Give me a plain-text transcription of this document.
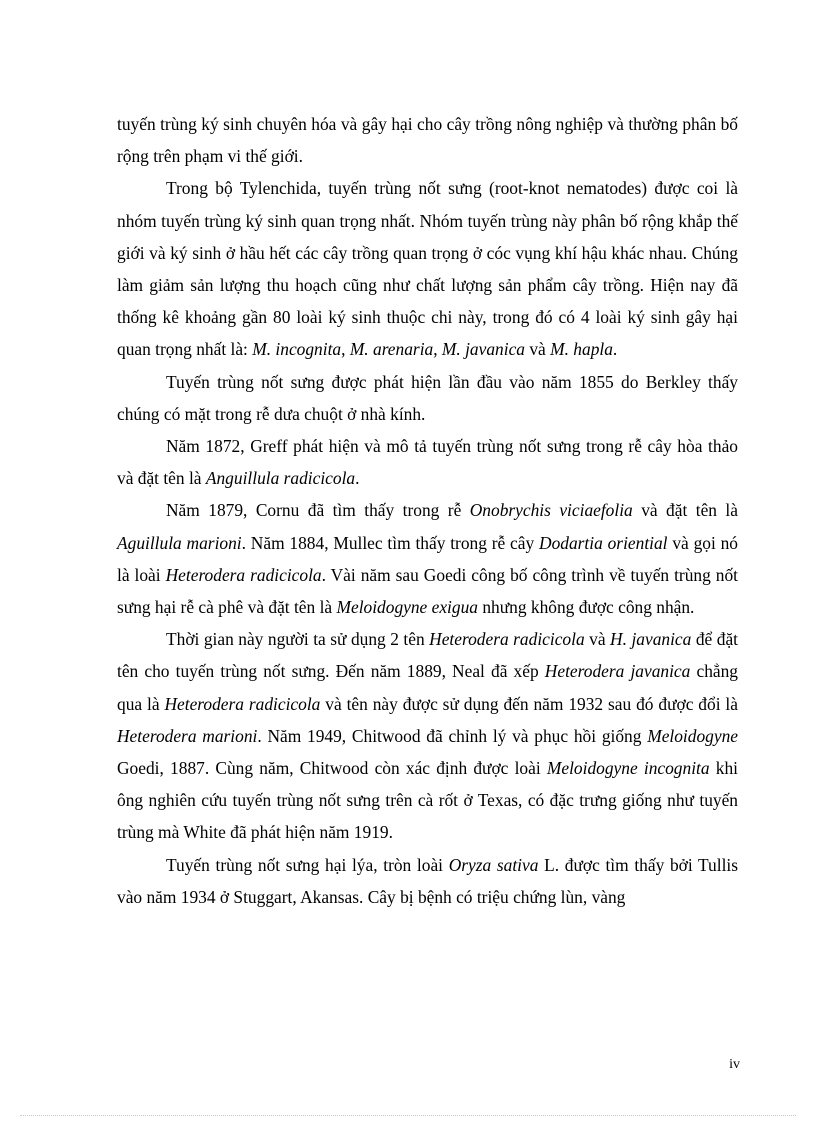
tuyến trùng ký sinh chuyên hóa và gây hại cho cây trồng nông nghiệp và thường phân bố rộng trên phạm vi thế giới.

Trong bộ Tylenchida, tuyến trùng nốt sưng (root-knot nematodes) được coi là nhóm tuyến trùng ký sinh quan trọng nhất. Nhóm tuyến trùng này phân bố rộng khắp thế giới và ký sinh ở hầu hết các cây trồng quan trọng ở cóc vụng khí hậu khác nhau. Chúng làm giảm sản lượng thu hoạch cũng như chất lượng sản phẩm cây trồng. Hiện nay đã thống kê khoảng gần 80 loài ký sinh thuộc chi này, trong đó có 4 loài ký sinh gây hại quan trọng nhất là: M. incognita, M. arenaria, M. javanica và M. hapla.

Tuyến trùng nốt sưng được phát hiện lần đầu vào năm 1855 do Berkley thấy chúng có mặt trong rễ dưa chuột ở nhà kính.

Năm 1872, Greff phát hiện và mô tả tuyến trùng nốt sưng trong rễ cây hòa thảo và đặt tên là Anguillula radicicola.

Năm 1879, Cornu đã tìm thấy trong rễ Onobrychis viciaefolia và đặt tên là Aguillula marioni. Năm 1884, Mullec tìm thấy trong rễ cây Dodartia oriential và gọi nó là loài Heterodera radicicola. Vài năm sau Goedi công bố công trình về tuyến trùng nốt sưng hại rễ cà phê và đặt tên là Meloidogyne exigua nhưng không được công nhận.

Thời gian này người ta sử dụng 2 tên Heterodera radicicola và H. javanica để đặt tên cho tuyến trùng nốt sưng. Đến năm 1889, Neal đã xếp Heterodera javanica chẳng qua là Heterodera radicicola và tên này được sử dụng đến năm 1932 sau đó được đổi là Heterodera marioni. Năm 1949, Chitwood đã chỉnh lý và phục hồi giống Meloidogyne Goedi, 1887. Cùng năm, Chitwood còn xác định được loài Meloidogyne incognita khi ông nghiên cứu tuyến trùng nốt sưng trên cà rốt ở Texas, có đặc trưng giống như tuyến trùng mà White đã phát hiện năm 1919.

Tuyến trùng nốt sưng hại lýa, tròn loài Oryza sativa L. được tìm thấy bởi Tullis vào năm 1934 ở Stuggart, Akansas. Cây bị bệnh có triệu chứng lùn, vàng

iv
